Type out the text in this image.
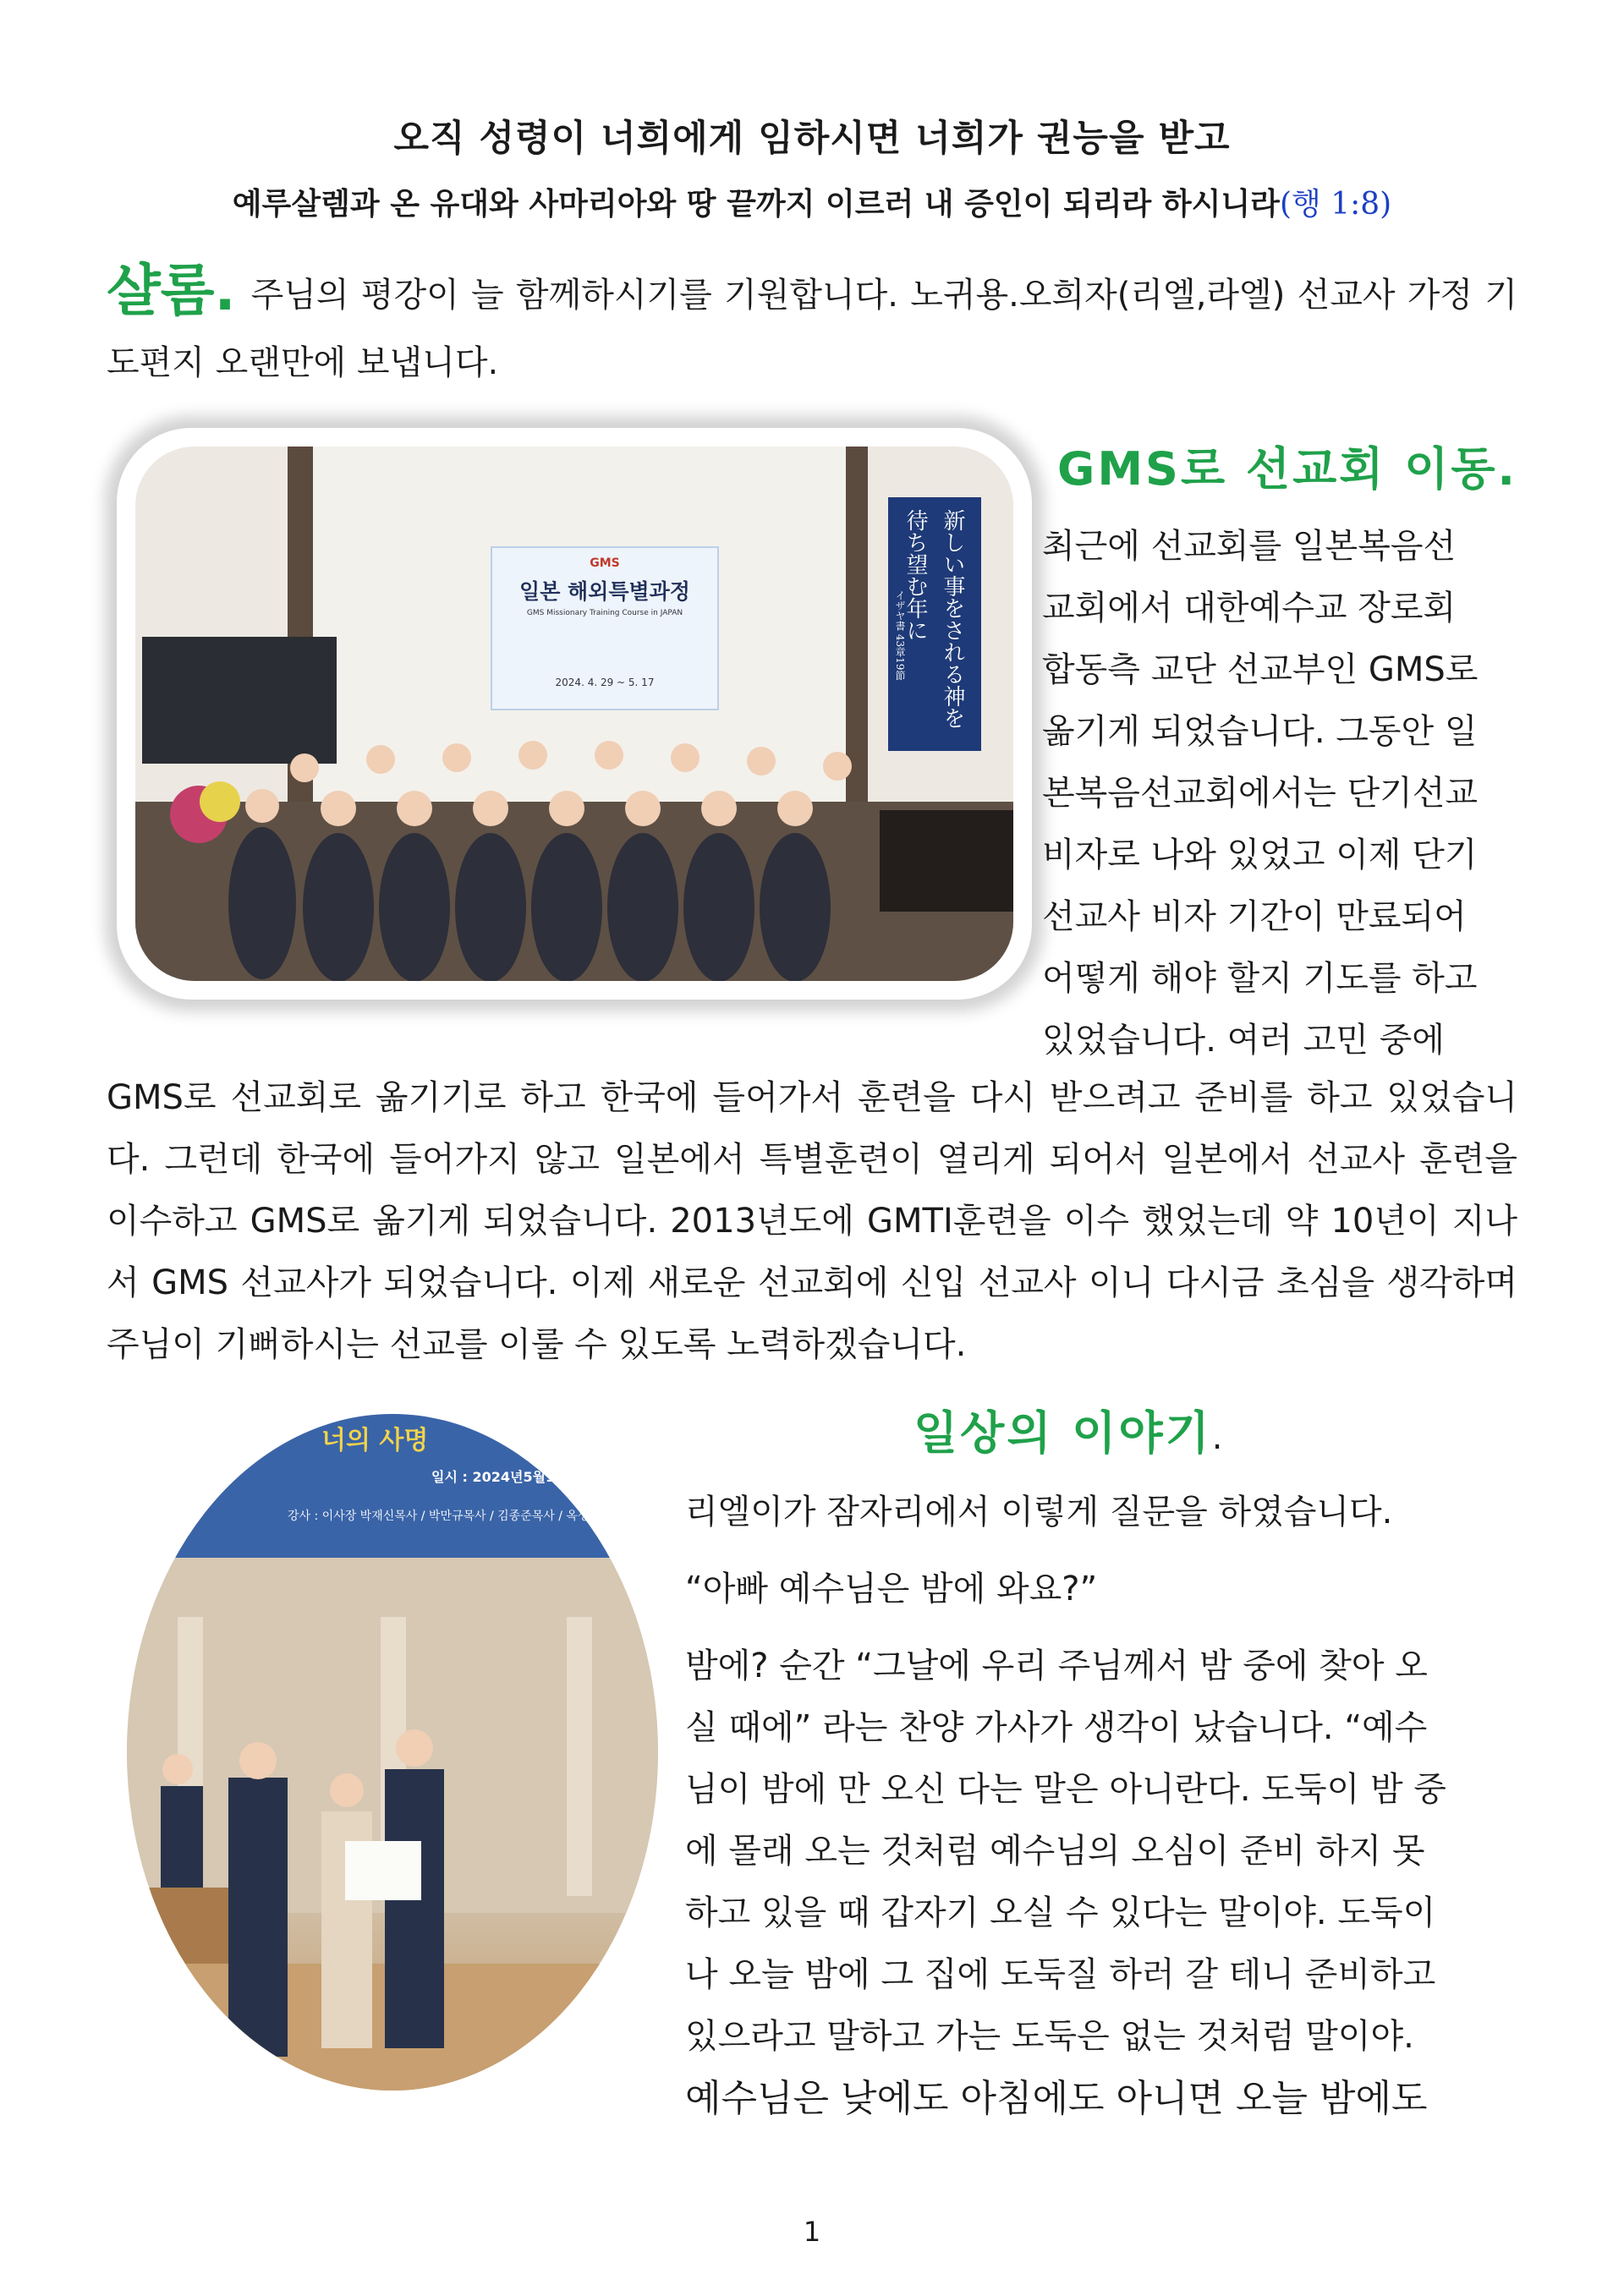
오직 성령이 너희에게 임하시면 너희가 권능을 받고
예루살렘과 온 유대와 사마리아와 땅 끝까지 이르러 내 증인이 되리라 하시니라(행 1:8)

샬롬. 주님의 평강이 늘 함께하시기를 기원합니다. 노귀용.오희자(리엘,라엘) 선교사 가정 기도편지 오랜만에 보냅니다.

GMS
일본 해외특별과정
GMS Missionary Training Course in JAPAN
2024. 4. 29 ~ 5. 17	新しい事をされる神を待ち望む年に
イザヤ書 43章19節
GMS로 선교회 이동.
최근에 선교회를 일본복음선
교회에서 대한예수교 장로회
합동측 교단 선교부인 GMS로
옮기게 되었습니다. 그동안 일
본복음선교회에서는 단기선교
비자로 나와 있었고 이제 단기
선교사 비자 기간이 만료되어
어떻게 해야 할지 기도를 하고
있었습니다. 여러 고민 중에

GMS로 선교회로 옮기기로 하고 한국에 들어가서 훈련을 다시 받으려고 준비를 하고 있었습니다. 그런데 한국에 들어가지 않고 일본에서 특별훈련이 열리게 되어서 일본에서 선교사 훈련을 이수하고 GMS로 옮기게 되었습니다. 2013년도에 GMTI훈련을 이수 했었는데 약 10년이 지나서 GMS 선교사가 되었습니다. 이제 새로운 선교회에 신입 선교사 이니 다시금 초심을 생각하며 주님이 기뻐하시는 선교를 이룰 수 있도록 노력하겠습니다.

너의 사명
일시 : 2024년5월15일(수)
강사 : 이사장 박재신목사 / 박만규목사 / 김종준목사 / 옥성석목사
일상의 이야기.

리엘이가 잠자리에서 이렇게 질문을 하였습니다.

“아빠 예수님은 밤에 와요?”

밤에? 순간 “그날에 우리 주님께서 밤 중에 찾아 오
실 때에” 라는 찬양 가사가 생각이 났습니다. “예수
님이 밤에 만 오신 다는 말은 아니란다. 도둑이 밤 중
에 몰래 오는 것처럼 예수님의 오심이 준비 하지 못
하고 있을 때 갑자기 오실 수 있다는 말이야. 도둑이
나 오늘 밤에 그 집에 도둑질 하러 갈 테니 준비하고
있으라고 말하고 가는 도둑은 없는 것처럼 말이야.
예수님은 낮에도 아침에도 아니면 오늘 밤에도
1
